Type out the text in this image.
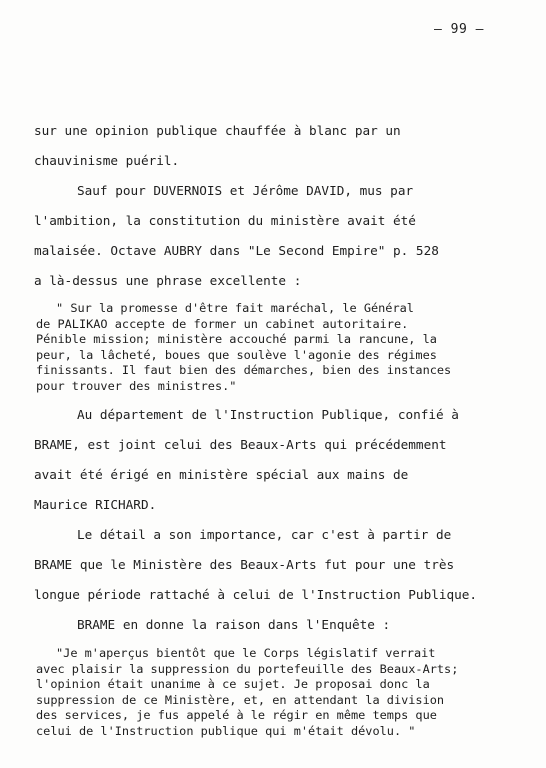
– 99 –

sur une opinion publique chauffée à blanc par un
chauvinisme puéril.

Sauf pour DUVERNOIS et Jérôme DAVID, mus par
l'ambition, la constitution du ministère avait été
malaisée. Octave AUBRY dans "Le Second Empire" p. 528
a là-dessus une phrase excellente :

" Sur la promesse d'être fait maréchal, le Général
de PALIKAO accepte de former un cabinet autoritaire.
Pénible mission; ministère accouché parmi la rancune, la
peur, la lâcheté, boues que soulève l'agonie des régimes
finissants. Il faut bien des démarches, bien des instances
pour trouver des ministres."

Au département de l'Instruction Publique, confié à
BRAME, est joint celui des Beaux-Arts qui précédemment
avait été érigé en ministère spécial aux mains de
Maurice RICHARD.

Le détail a son importance, car c'est à partir de
BRAME que le Ministère des Beaux-Arts fut pour une très
longue période rattaché à celui de l'Instruction Publique.

BRAME en donne la raison dans l'Enquête :

"Je m'aperçus bientôt que le Corps législatif verrait
avec plaisir la suppression du portefeuille des Beaux-Arts;
l'opinion était unanime à ce sujet. Je proposai donc la
suppression de ce Ministère, et, en attendant la division
des services, je fus appelé à le régir en même temps que
celui de l'Instruction publique qui m'était dévolu. "
